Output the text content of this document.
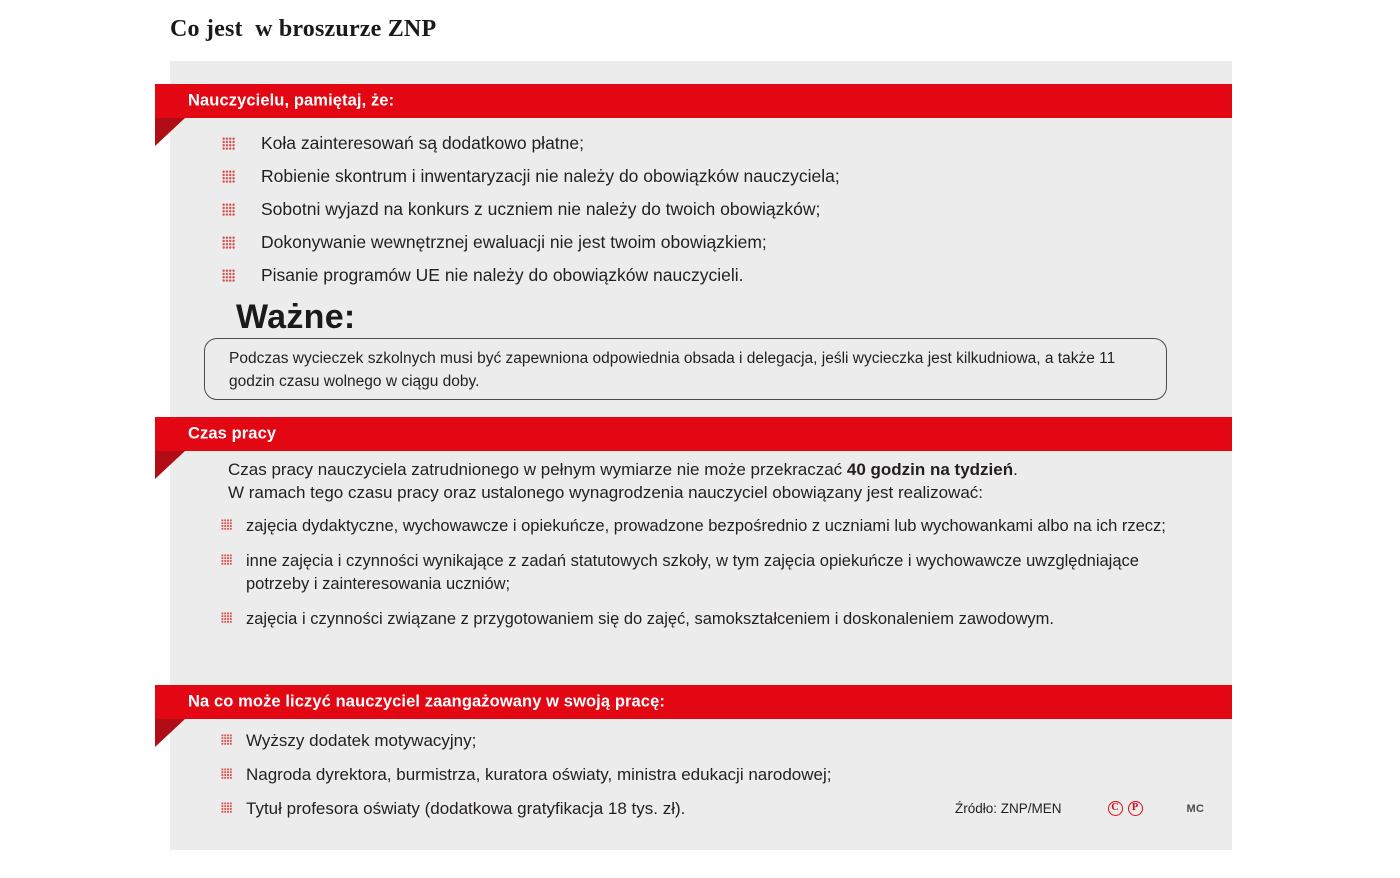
Co jest  w broszurze ZNP
Nauczycielu, pamiętaj, że:
Koła zainteresowań są dodatkowo płatne;
Robienie skontrum i inwentaryzacji nie należy do obowiązków nauczyciela;
Sobotni wyjazd na konkurs z uczniem nie należy do twoich obowiązków;
Dokonywanie wewnętrznej ewaluacji nie jest twoim obowiązkiem;
Pisanie programów UE nie należy do obowiązków nauczycieli.
Ważne:
Podczas wycieczek szkolnych musi być zapewniona odpowiednia obsada i delegacja, jeśli wycieczka jest kilkudniowa, a także 11 godzin czasu wolnego w ciągu doby.
Czas pracy
Czas pracy nauczyciela zatrudnionego w pełnym wymiarze nie może przekraczać 40 godzin na tydzień.
W ramach tego czasu pracy oraz ustalonego wynagrodzenia nauczyciel obowiązany jest realizować:
zajęcia dydaktyczne, wychowawcze i opiekuńcze, prowadzone bezpośrednio z uczniami lub wychowankami albo na ich rzecz;
inne zajęcia i czynności wynikające z zadań statutowych szkoły, w tym zajęcia opiekuńcze i wychowawcze uwzględniające potrzeby i zainteresowania uczniów;
zajęcia i czynności związane z przygotowaniem się do zajęć, samokształceniem i doskonaleniem zawodowym.
Na co może liczyć nauczyciel zaangażowany w swoją pracę:
Wyższy dodatek motywacyjny;
Nagroda dyrektora, burmistrza, kuratora oświaty, ministra edukacji narodowej;
Tytuł profesora oświaty (dodatkowa gratyfikacja 18 tys. zł).	Źródło: ZNP/MEN	C	P	MC
